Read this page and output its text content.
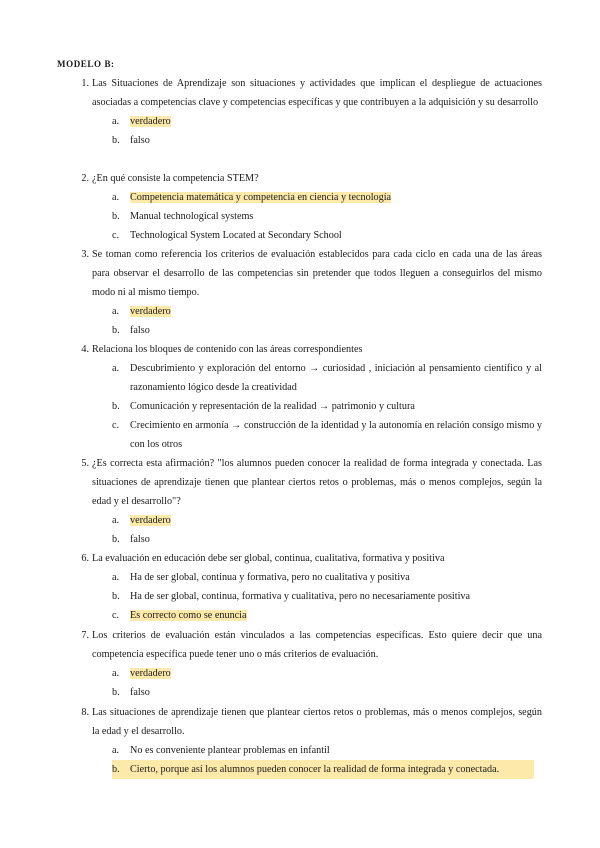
MODELO B:
1. Las Situaciones de Aprendizaje son situaciones y actividades que implican el despliegue de actuaciones asociadas a competencias clave y competencias específicas y que contribuyen a la adquisición y su desarrollo
a. verdadero
b. falso
2. ¿En qué consiste la competencia STEM?
a. Competencia matemática y competencia en ciencia y tecnología
b. Manual technological systems
c. Technological System Located at Secondary School
3. Se toman como referencia los criterios de evaluación establecidos para cada ciclo en cada una de las áreas para observar el desarrollo de las competencias sin pretender que todos lleguen a conseguirlos del mismo modo ni al mismo tiempo.
a. verdadero
b. falso
4. Relaciona los bloques de contenido con las áreas correspondientes
a. Descubrimiento y exploración del entorno → curiosidad , iniciación al pensamiento científico y al razonamiento lógico desde la creatividad
b. Comunicación y representación de la realidad → patrimonio y cultura
c. Crecimiento en armonía → construcción de la identidad y la autonomía en relación consigo mismo y con los otros
5. ¿Es correcta esta afirmación? "los alumnos pueden conocer la realidad de forma integrada y conectada. Las situaciones de aprendizaje tienen que plantear ciertos retos o problemas, más o menos complejos, según la edad y el desarrollo"?
a. verdadero
b. falso
6. La evaluación en educación debe ser global, continua, cualitativa, formativa y positiva
a. Ha de ser global, continua y formativa, pero no cualitativa y positiva
b. Ha de ser global, continua, formativa y cualitativa, pero no necesariamente positiva
c. Es correcto como se enuncia
7. Los criterios de evaluación están vinculados a las competencias específicas. Esto quiere decir que una competencia específica puede tener uno o más criterios de evaluación.
a. verdadero
b. falso
8. Las situaciones de aprendizaje tienen que plantear ciertos retos o problemas, más o menos complejos, según la edad y el desarrollo.
a. No es conveniente plantear problemas en infantil
b. Cierto, porque así los alumnos pueden conocer la realidad de forma integrada y conectada.
